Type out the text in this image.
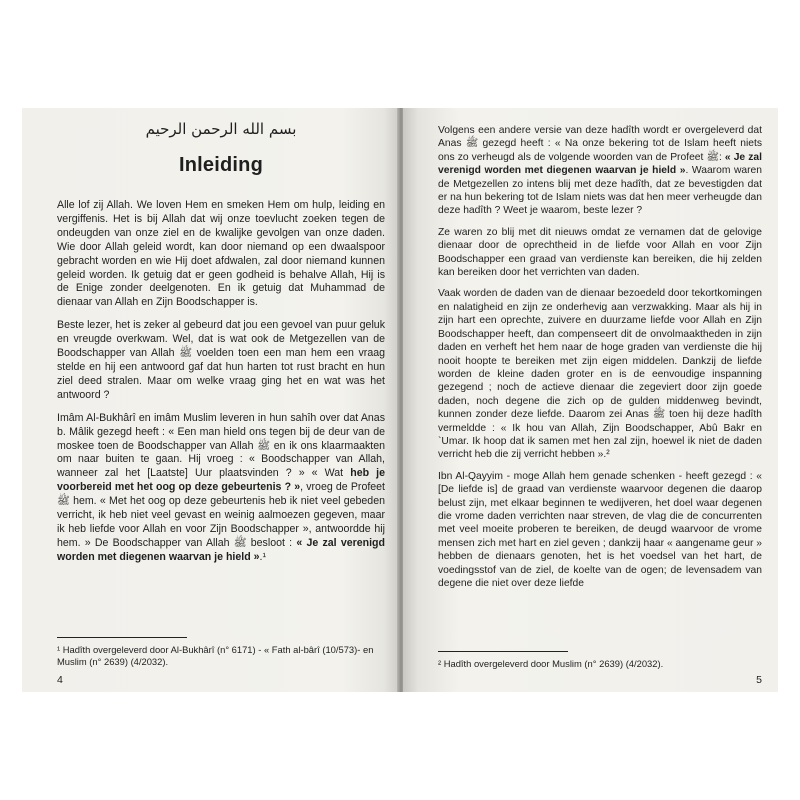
بسم الله الرحمن الرحيم
Inleiding

Alle lof zij Allah. We loven Hem en smeken Hem om hulp, leiding en vergiffenis. Het is bij Allah dat wij onze toevlucht zoeken tegen de ondeugden van onze ziel en de kwalijke gevolgen van onze daden. Wie door Allah geleid wordt, kan door niemand op een dwaalspoor gebracht worden en wie Hij doet afdwalen, zal door niemand kunnen geleid worden. Ik getuig dat er geen godheid is behalve Allah, Hij is de Enige zonder deelgenoten. En ik getuig dat Muhammad de dienaar van Allah en Zijn Boodschapper is.

Beste lezer, het is zeker al gebeurd dat jou een gevoel van puur geluk en vreugde overkwam. Wel, dat is wat ook de Metgezellen van de Boodschapper van Allah ﷺ voelden toen een man hem een vraag stelde en hij een antwoord gaf dat hun harten tot rust bracht en hun ziel deed stralen. Maar om welke vraag ging het en wat was het antwoord ?

Imâm Al-Bukhârî en imâm Muslim leveren in hun sahîh over dat Anas b. Mâlik gezegd heeft : « Een man hield ons tegen bij de deur van de moskee toen de Boodschapper van Allah ﷺ en ik ons klaarmaakten om naar buiten te gaan. Hij vroeg : « Boodschapper van Allah, wanneer zal het [Laatste] Uur plaatsvinden ? » « Wat heb je voorbereid met het oog op deze gebeurtenis ? », vroeg de Profeet ﷺ hem. « Met het oog op deze gebeurtenis heb ik niet veel gebeden verricht, ik heb niet veel gevast en weinig aalmoezen gegeven, maar ik heb liefde voor Allah en voor Zijn Boodschapper », antwoordde hij hem. » De Boodschapper van Allah ﷺ besloot : « Je zal verenigd worden met diegenen waarvan je hield ».¹

¹ Hadîth overgeleverd door Al-Bukhârî (n° 6171) - « Fath al-bârî (10/573)- en Muslim (n° 2639) (4/2032).

4

Volgens een andere versie van deze hadîth wordt er overgeleverd dat Anas ﷺ gezegd heeft : « Na onze bekering tot de Islam heeft niets ons zo verheugd als de volgende woorden van de Profeet ﷺ: « Je zal verenigd worden met diegenen waarvan je hield ». Waarom waren de Metgezellen zo intens blij met deze hadîth, dat ze bevestigden dat er na hun bekering tot de Islam niets was dat hen meer verheugde dan deze hadîth ? Weet je waarom, beste lezer ?

Ze waren zo blij met dit nieuws omdat ze vernamen dat de gelovige dienaar door de oprechtheid in de liefde voor Allah en voor Zijn Boodschapper een graad van verdienste kan bereiken, die hij zelden kan bereiken door het verrichten van daden.

Vaak worden de daden van de dienaar bezoedeld door tekortkomingen en nalatigheid en zijn ze onderhevig aan verzwakking. Maar als hij in zijn hart een oprechte, zuivere en duurzame liefde voor Allah en Zijn Boodschapper heeft, dan compenseert dit de onvolmaaktheden in zijn daden en verheft het hem naar de hoge graden van verdienste die hij nooit hoopte te bereiken met zijn eigen middelen. Dankzij de liefde worden de kleine daden groter en is de eenvoudige inspanning gezegend ; noch de actieve dienaar die zegeviert door zijn goede daden, noch degene die zich op de gulden middenweg bevindt, kunnen zonder deze liefde. Daarom zei Anas ﷺ toen hij deze hadîth vermeldde : « Ik hou van Allah, Zijn Boodschapper, Abû Bakr en `Umar. Ik hoop dat ik samen met hen zal zijn, hoewel ik niet de daden verricht heb die zij verricht hebben ».²

Ibn Al-Qayyim - moge Allah hem genade schenken - heeft gezegd : « [De liefde is] de graad van verdienste waarvoor degenen die daarop belust zijn, met elkaar beginnen te wedijveren, het doel waar degenen die vrome daden verrichten naar streven, de vlag die de concurrenten met veel moeite proberen te bereiken, de deugd waarvoor de vrome mensen zich met hart en ziel geven ; dankzij haar « aangename geur » hebben de dienaars genoten, het is het voedsel van het hart, de voedingsstof van de ziel, de koelte van de ogen; de levensadem van degene die niet over deze liefde

² Hadîth overgeleverd door Muslim (n° 2639) (4/2032).

5
